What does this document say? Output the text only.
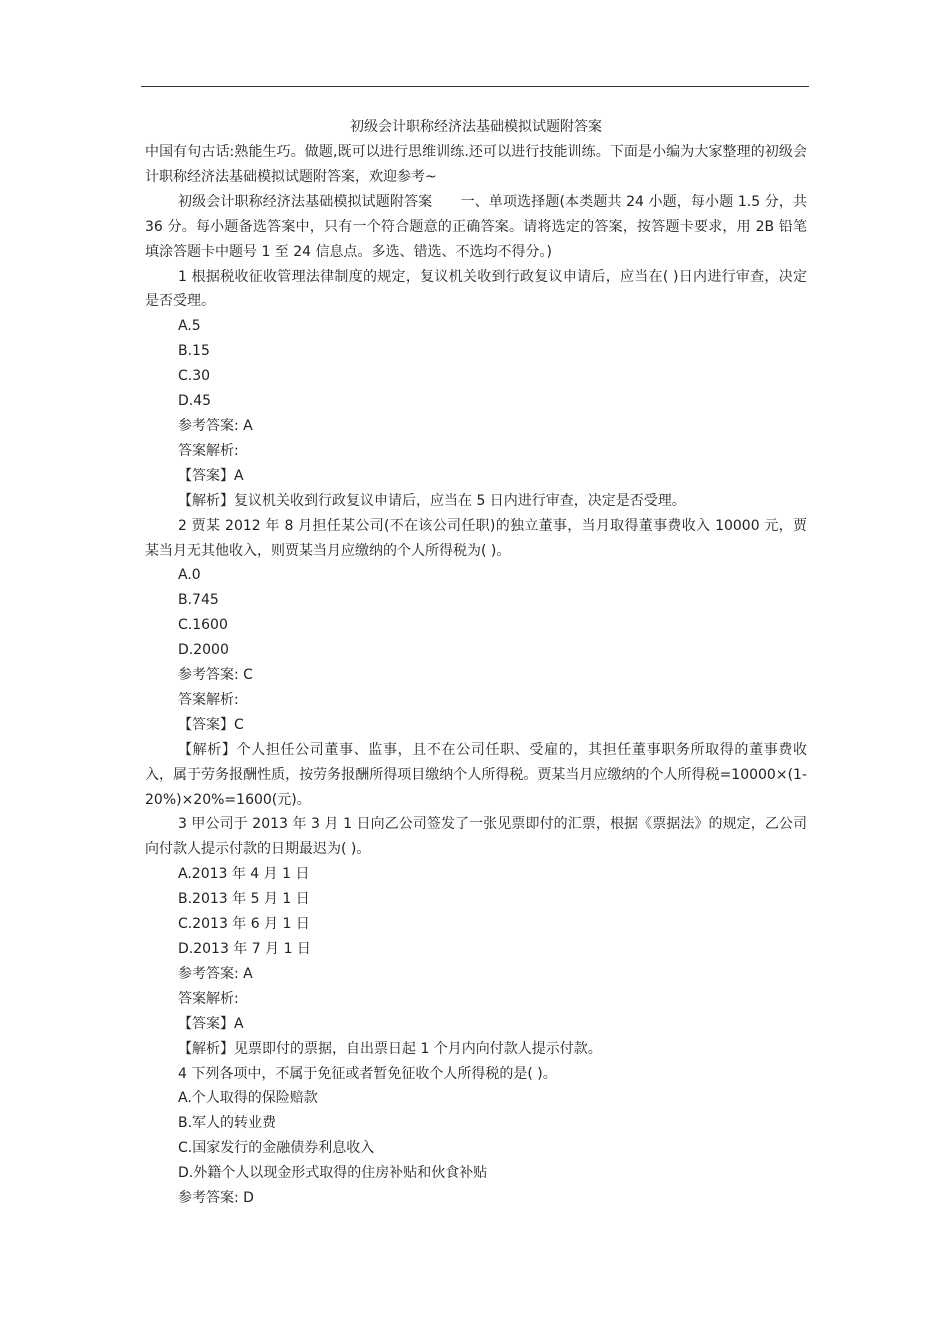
初级会计职称经济法基础模拟试题附答案

中国有句古话:熟能生巧。做题,既可以进行思维训练.还可以进行技能训练。下面是小编为大家整理的初级会计职称经济法基础模拟试题附答案，欢迎参考~

初级会计职称经济法基础模拟试题附答案　　一、单项选择题(本类题共 24 小题，每小题 1.5 分，共 36 分。每小题备选答案中，只有一个符合题意的正确答案。请将选定的答案，按答题卡要求，用 2B 铅笔填涂答题卡中题号 1 至 24 信息点。多选、错选、不选均不得分。)

1 根据税收征收管理法律制度的规定，复议机关收到行政复议申请后，应当在( )日内进行审查，决定是否受理。

A.5

B.15

C.30

D.45

参考答案: A

答案解析:

【答案】A

【解析】复议机关收到行政复议申请后，应当在 5 日内进行审查，决定是否受理。

2 贾某 2012 年 8 月担任某公司(不在该公司任职)的独立董事，当月取得董事费收入 10000 元，贾某当月无其他收入，则贾某当月应缴纳的个人所得税为( )。

A.0

B.745

C.1600

D.2000

参考答案: C

答案解析:

【答案】C

【解析】个人担任公司董事、监事，且不在公司任职、受雇的，其担任董事职务所取得的董事费收入，属于劳务报酬性质，按劳务报酬所得项目缴纳个人所得税。贾某当月应缴纳的个人所得税=10000×(1-20%)×20%=1600(元)。

3 甲公司于 2013 年 3 月 1 日向乙公司签发了一张见票即付的汇票，根据《票据法》的规定，乙公司向付款人提示付款的日期最迟为( )。

A.2013 年 4 月 1 日

B.2013 年 5 月 1 日

C.2013 年 6 月 1 日

D.2013 年 7 月 1 日

参考答案: A

答案解析:

【答案】A

【解析】见票即付的票据，自出票日起 1 个月内向付款人提示付款。

4 下列各项中，不属于免征或者暂免征收个人所得税的是( )。

A.个人取得的保险赔款

B.军人的转业费

C.国家发行的金融债券利息收入

D.外籍个人以现金形式取得的住房补贴和伙食补贴

参考答案: D
